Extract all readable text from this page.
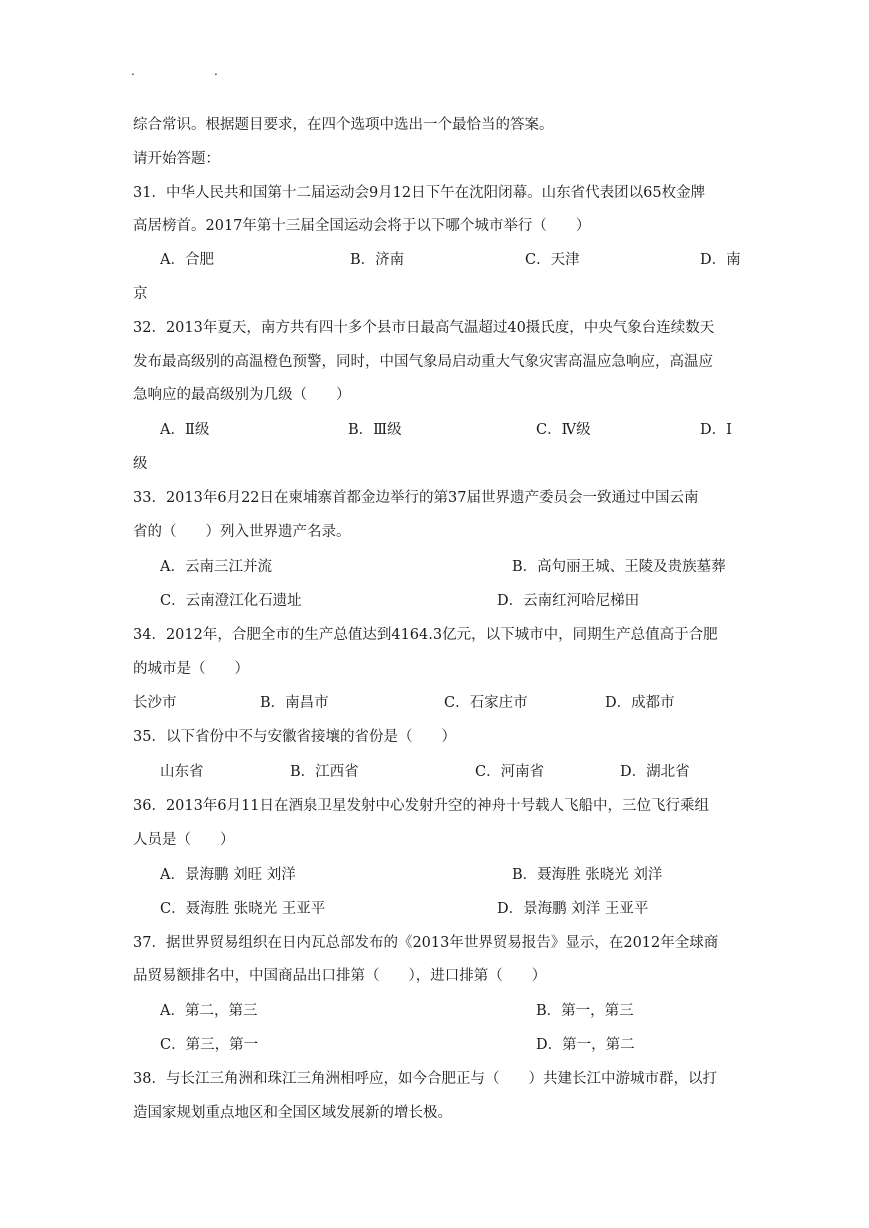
.	.
综合常识。根据题目要求，在四个选项中选出一个最恰当的答案。
请开始答题：
31．中华人民共和国第十二届运动会9月12日下午在沈阳闭幕。山东省代表团以65枚金牌
高居榜首。2017年第十三届全国运动会将于以下哪个城市举行（　　）
A．合肥	B．济南	C．天津	D．南
京
32．2013年夏天，南方共有四十多个县市日最高气温超过40摄氏度，中央气象台连续数天
发布最高级别的高温橙色预警，同时，中国气象局启动重大气象灾害高温应急响应，高温应
急响应的最高级别为几级（　　）
A．Ⅱ级	B．Ⅲ级	C．Ⅳ级	D．Ⅰ
级
33．2013年6月22日在柬埔寨首都金边举行的第37届世界遗产委员会一致通过中国云南
省的（　　）列入世界遗产名录。
A．云南三江并流	B．高句丽王城、王陵及贵族墓葬
C．云南澄江化石遗址	D．云南红河哈尼梯田
34．2012年，合肥全市的生产总值达到4164.3亿元，以下城市中，同期生产总值高于合肥
的城市是（　　）
长沙市	B．南昌市	C．石家庄市	D．成都市
35．以下省份中不与安徽省接壤的省份是（　　）
山东省	B．江西省	C．河南省	D．湖北省
36．2013年6月11日在酒泉卫星发射中心发射升空的神舟十号载人飞船中，三位飞行乘组
人员是（　　）
A．景海鹏 刘旺 刘洋	B．聂海胜 张晓光 刘洋
C．聂海胜 张晓光 王亚平	D．景海鹏 刘洋 王亚平
37．据世界贸易组织在日内瓦总部发布的《2013年世界贸易报告》显示，在2012年全球商
品贸易额排名中，中国商品出口排第（　　），进口排第（　　）
A．第二，第三	B．第一，第三
C．第三，第一	D．第一，第二
38．与长江三角洲和珠江三角洲相呼应，如今合肥正与（　　）共建长江中游城市群，以打
造国家规划重点地区和全国区域发展新的增长极。
